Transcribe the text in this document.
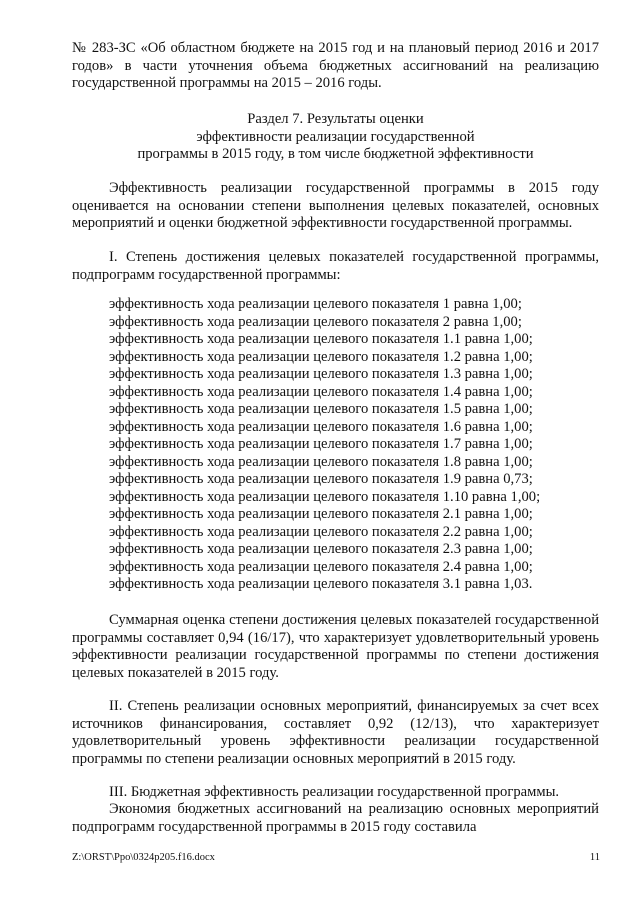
№ 283-ЗС «Об областном бюджете на 2015 год и на плановый период 2016 и 2017 годов» в части уточнения объема бюджетных ассигнований на реализацию государственной программы на 2015 – 2016 годы.

Раздел 7. Результаты оценки
эффективности реализации государственной
программы в 2015 году, в том числе бюджетной эффективности

Эффективность реализации государственной программы в 2015 году оценивается на основании степени выполнения целевых показателей, основных мероприятий и оценки бюджетной эффективности государственной программы.

I. Степень достижения целевых показателей государственной программы, подпрограмм государственной программы:

эффективность хода реализации целевого показателя 1 равна 1,00;
эффективность хода реализации целевого показателя 2 равна 1,00;
эффективность хода реализации целевого показателя 1.1 равна 1,00;
эффективность хода реализации целевого показателя 1.2 равна 1,00;
эффективность хода реализации целевого показателя 1.3 равна 1,00;
эффективность хода реализации целевого показателя 1.4 равна 1,00;
эффективность хода реализации целевого показателя 1.5 равна 1,00;
эффективность хода реализации целевого показателя 1.6 равна 1,00;
эффективность хода реализации целевого показателя 1.7 равна 1,00;
эффективность хода реализации целевого показателя 1.8 равна 1,00;
эффективность хода реализации целевого показателя 1.9 равна 0,73;
эффективность хода реализации целевого показателя 1.10 равна 1,00;
эффективность хода реализации целевого показателя 2.1 равна 1,00;
эффективность хода реализации целевого показателя 2.2 равна 1,00;
эффективность хода реализации целевого показателя 2.3 равна 1,00;
эффективность хода реализации целевого показателя 2.4 равна 1,00;
эффективность хода реализации целевого показателя 3.1 равна 1,03.

Суммарная оценка степени достижения целевых показателей государственной программы составляет 0,94 (16/17), что характеризует удовлетворительный уровень эффективности реализации государственной программы по степени достижения целевых показателей в 2015 году.

II. Степень реализации основных мероприятий, финансируемых за счет всех источников финансирования, составляет 0,92 (12/13), что характеризует удовлетворительный уровень эффективности реализации государственной программы по степени реализации основных мероприятий в 2015 году.

III. Бюджетная эффективность реализации государственной программы.

Экономия бюджетных ассигнований на реализацию основных мероприятий подпрограмм государственной программы в 2015 году составила

Z:\ORST\Ppo\0324p205.f16.docx	11
